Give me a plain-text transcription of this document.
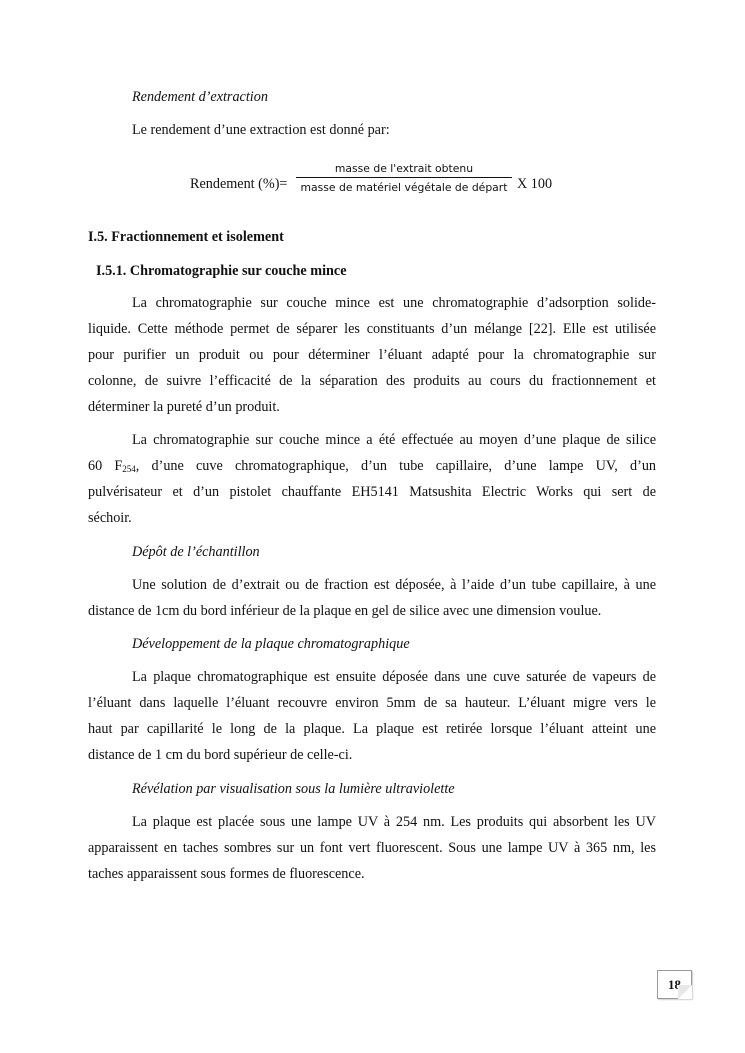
Rendement d’extraction
Le rendement d’une extraction est donné par:
Rendement (%)=
masse de l'extrait obtenu
masse de matériel végétale de départ X 100
I.5. Fractionnement et isolement
I.5.1. Chromatographie sur couche mince
La chromatographie sur couche mince est une chromatographie d’adsorption solide-
liquide. Cette méthode permet de séparer les constituants d’un mélange [22]. Elle est utilisée
pour purifier un produit ou pour déterminer l’éluant adapté pour la chromatographie sur
colonne, de suivre l’efficacité de la séparation des produits au cours du fractionnement et
déterminer la pureté d’un produit.
La chromatographie sur couche mince a été effectuée au moyen d’une plaque de silice
60 $F_{254}$, d’une cuve chromatographique, d’un tube capillaire, d’une lampe UV, d’un
pulvérisateur et d’un pistolet chauffante EH5141 Matsushita Electric Works qui sert de
séchoir.
Dépôt de l’échantillon
Une solution de d’extrait ou de fraction est déposée, à l’aide d’un tube capillaire, à une
distance de 1cm du bord inférieur de la plaque en gel de silice avec une dimension voulue.
Développement de la plaque chromatographique
La plaque chromatographique est ensuite déposée dans une cuve saturée de vapeurs de
l’éluant dans laquelle l’éluant recouvre environ 5mm de sa hauteur. L’éluant migre vers le
haut par capillarité le long de la plaque. La plaque est retirée lorsque l’éluant atteint une
distance de 1 cm du bord supérieur de celle-ci.
Révélation par visualisation sous la lumière ultraviolette
La plaque est placée sous une lampe UV à 254 nm. Les produits qui absorbent les UV
apparaissent en taches sombres sur un font vert fluorescent. Sous une lampe UV à 365 nm, les
taches apparaissent sous formes de fluorescence.
18
